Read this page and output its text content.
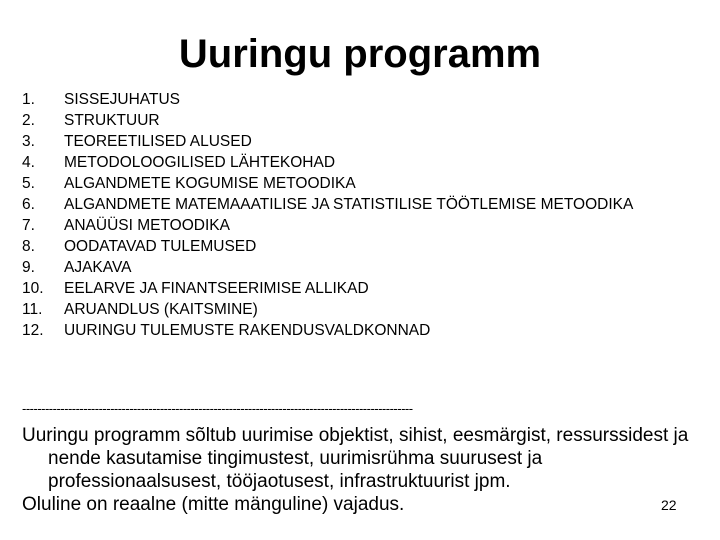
Uuringu programm
1.	SISSEJUHATUS
2.	STRUKTUUR
3.	TEOREETILISED ALUSED
4.	METODOLOOGILISED LÄHTEKOHAD
5.	ALGANDMETE KOGUMISE METOODIKA
6.	ALGANDMETE MATEMAAATILISE JA STATISTILISE TÖÖTLEMISE METOODIKA
7.	ANAÜÜSI METOODIKA
8.	OODATAVAD TULEMUSED
9.	AJAKAVA
10.	EELARVE JA FINANTSEERIMISE ALLIKAD
11.	ARUANDLUS (KAITSMINE)
12.	UURINGU TULEMUSTE RAKENDUSVALDKONNAD
------------------------------------------------------------------------------------------------------

Uuringu programm sõltub uurimise objektist, sihist, eesmärgist, ressurssidest ja nende kasutamise tingimustest, uurimisrühma suurusest ja professionaalsusest, tööjaotusest, infrastruktuurist jpm.

Oluline on reaalne (mitte mänguline) vajadus.	22
